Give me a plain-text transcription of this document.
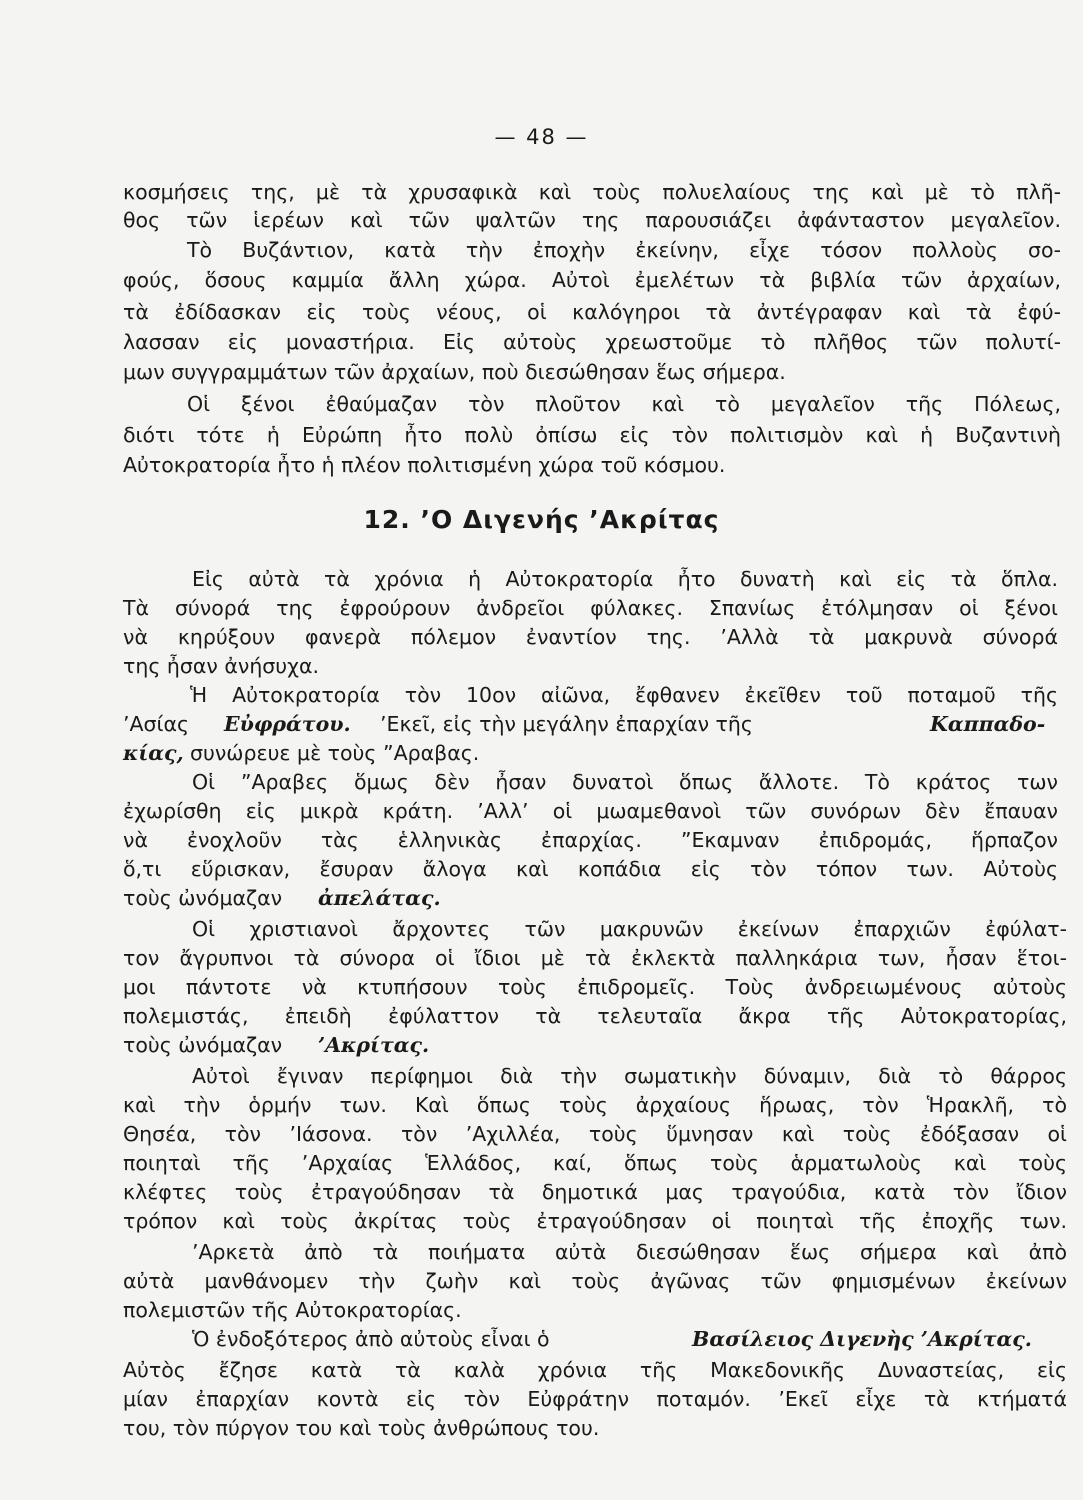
— 48 —
κοσμήσεις της, μὲ τὰ χρυσαφικὰ καὶ τοὺς πολυελαίους της καὶ μὲ τὸ πλῆ-
θος τῶν ἱερέων καὶ τῶν ψαλτῶν της παρουσιάζει ἀφάνταστον μεγαλεῖον.
Τὸ Βυζάντιον, κατὰ τὴν ἐποχὴν ἐκείνην, εἶχε τόσον πολλοὺς σο-
φούς, ὅσους καμμία ἄλλη χώρα. Αὐτοὶ ἐμελέτων τὰ βιβλία τῶν ἀρχαίων,
τὰ ἐδίδασκαν εἰς τοὺς νέους, οἱ καλόγηροι τὰ ἀντέγραφαν καὶ τὰ ἐφύ-
λασσαν εἰς μοναστήρια. Εἰς αὐτοὺς χρεωστοῦμε τὸ πλῆθος τῶν πολυτί-
μων συγγραμμάτων τῶν ἀρχαίων, ποὺ διεσώθησαν ἕως σήμερα.
Οἱ ξένοι ἐθαύμαζαν τὸν πλοῦτον καὶ τὸ μεγαλεῖον τῆς Πόλεως,
διότι τότε ἡ Εὐρώπη ἦτο πολὺ ὀπίσω εἰς τὸν πολιτισμὸν καὶ ἡ Βυζαντινὴ
Αὐτοκρατορία ἦτο ἡ πλέον πολιτισμένη χώρα τοῦ κόσμου.
12. ’Ο Διγενής ’Ακρίτας
Εἰς αὐτὰ τὰ χρόνια ἡ Αὐτοκρατορία ἦτο δυνατὴ καὶ εἰς τὰ ὅπλα.
Τὰ σύνορά της ἐφρούρουν ἀνδρεῖοι φύλακες. Σπανίως ἐτόλμησαν οἱ ξένοι
νὰ κηρύξουν φανερὰ πόλεμον ἐναντίον της. ’Αλλὰ τὰ μακρυνὰ σύνορά
της ἦσαν ἀνήσυχα.
Ἡ Αὐτοκρατορία τὸν 10ον αἰῶνα, ἔφθανεν ἐκεῖθεν τοῦ ποταμοῦ τῆς
’Ασίας Εὐφράτου. ’Εκεῖ, εἰς τὴν μεγάλην ἐπαρχίαν τῆς	Καππαδο-
κίας, συνώρευε μὲ τοὺς ”Αραβας.
Οἱ ”Αραβες ὅμως δὲν ἦσαν δυνατοὶ ὅπως ἄλλοτε. Τὸ κράτος των
ἐχωρίσθη εἰς μικρὰ κράτη. ’Αλλ’ οἱ μωαμεθανοὶ τῶν συνόρων δὲν ἔπαυαν
νὰ ἐνοχλοῦν τὰς ἑλληνικὰς ἐπαρχίας. ”Εκαμναν ἐπιδρομάς, ἥρπαζον
ὅ,τι εὕρισκαν, ἔσυραν ἄλογα καὶ κοπάδια εἰς τὸν τόπον των. Αὐτοὺς
τοὺς ὠνόμαζαν ἀπελάτας.
Οἱ χριστιανοὶ ἄρχοντες τῶν μακρυνῶν ἐκείνων ἐπαρχιῶν ἐφύλατ-
τον ἄγρυπνοι τὰ σύνορα οἱ ἴδιοι μὲ τὰ ἐκλεκτὰ παλληκάρια των, ἦσαν ἕτοι-
μοι πάντοτε νὰ κτυπήσουν τοὺς ἐπιδρομεῖς. Τοὺς ἀνδρειωμένους αὐτοὺς
πολεμιστάς, ἐπειδὴ ἐφύλαττον τὰ τελευταῖα ἄκρα τῆς Αὐτοκρατορίας,
τοὺς ὠνόμαζαν ’Ακρίτας.
Αὐτοὶ ἔγιναν περίφημοι διὰ τὴν σωματικὴν δύναμιν, διὰ τὸ θάρρος
καὶ τὴν ὁρμήν των. Καὶ ὅπως τοὺς ἀρχαίους ἥρωας, τὸν Ἡρακλῆ, τὸ
Θησέα, τὸν ’Ιάσονα. τὸν ’Αχιλλέα, τοὺς ὕμνησαν καὶ τοὺς ἐδόξασαν οἱ
ποιηταὶ τῆς ’Αρχαίας Ἑλλάδος, καί, ὅπως τοὺς ἁρματωλοὺς καὶ τοὺς
κλέφτες τοὺς ἐτραγούδησαν τὰ δημοτικά μας τραγούδια, κατὰ τὸν ἴδιον
τρόπον καὶ τοὺς ἀκρίτας τοὺς ἐτραγούδησαν οἱ ποιηταὶ τῆς ἐποχῆς των.
’Αρκετὰ ἀπὸ τὰ ποιήματα αὐτὰ διεσώθησαν ἕως σήμερα καὶ ἀπὸ
αὐτὰ μανθάνομεν τὴν ζωὴν καὶ τοὺς ἀγῶνας τῶν φημισμένων ἐκείνων
πολεμιστῶν τῆς Αὐτοκρατορίας.
Ὁ ἐνδοξότερος ἀπὸ αὐτοὺς εἶναι ὁ	Βασίλειος Διγενὴς ’Ακρίτας.
Αὐτὸς ἔζησε κατὰ τὰ καλὰ χρόνια τῆς Μακεδονικῆς Δυναστείας, εἰς
μίαν ἐπαρχίαν κοντὰ εἰς τὸν Εὐφράτην ποταμόν. ’Εκεῖ εἶχε τὰ κτήματά
του, τὸν πύργον του καὶ τοὺς ἀνθρώπους του.
